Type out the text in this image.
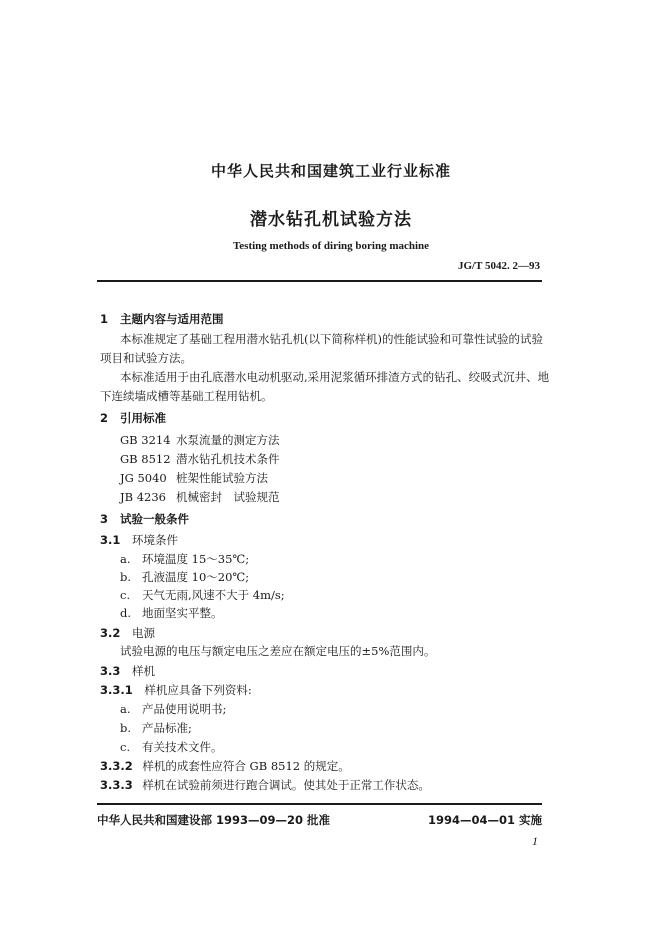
中华人民共和国建筑工业行业标准
潜水钻孔机试验方法
Testing methods of diring boring machine
JG/T 5042. 2—93
1 主题内容与适用范围
本标准规定了基础工程用潜水钻孔机(以下简称样机)的性能试验和可靠性试验的试验
项目和试验方法。
本标准适用于由孔底潜水电动机驱动,采用泥浆循环排渣方式的钻孔、绞吸式沉井、地
下连续墙成槽等基础工程用钻机。
2 引用标准
GB 3214 水泵流量的测定方法
GB 8512 潜水钻孔机技术条件
JG 5040 桩架性能试验方法
JB 4236 机械密封　试验规范
3 试验一般条件
3.1 环境条件
a. 环境温度 15～35℃;
b. 孔液温度 10～20℃;
c. 天气无雨,风速不大于 4m/s;
d. 地面坚实平整。
3.2 电源
试验电源的电压与额定电压之差应在额定电压的±5%范围内。
3.3 样机
3.3.1 样机应具备下列资料:
a. 产品使用说明书;
b. 产品标准;
c. 有关技术文件。
3.3.2 样机的成套性应符合 GB 8512 的规定。
3.3.3 样机在试验前须进行跑合调试。使其处于正常工作状态。
中华人民共和国建设部 1993—09—20 批准	1994—04—01 实施
1
